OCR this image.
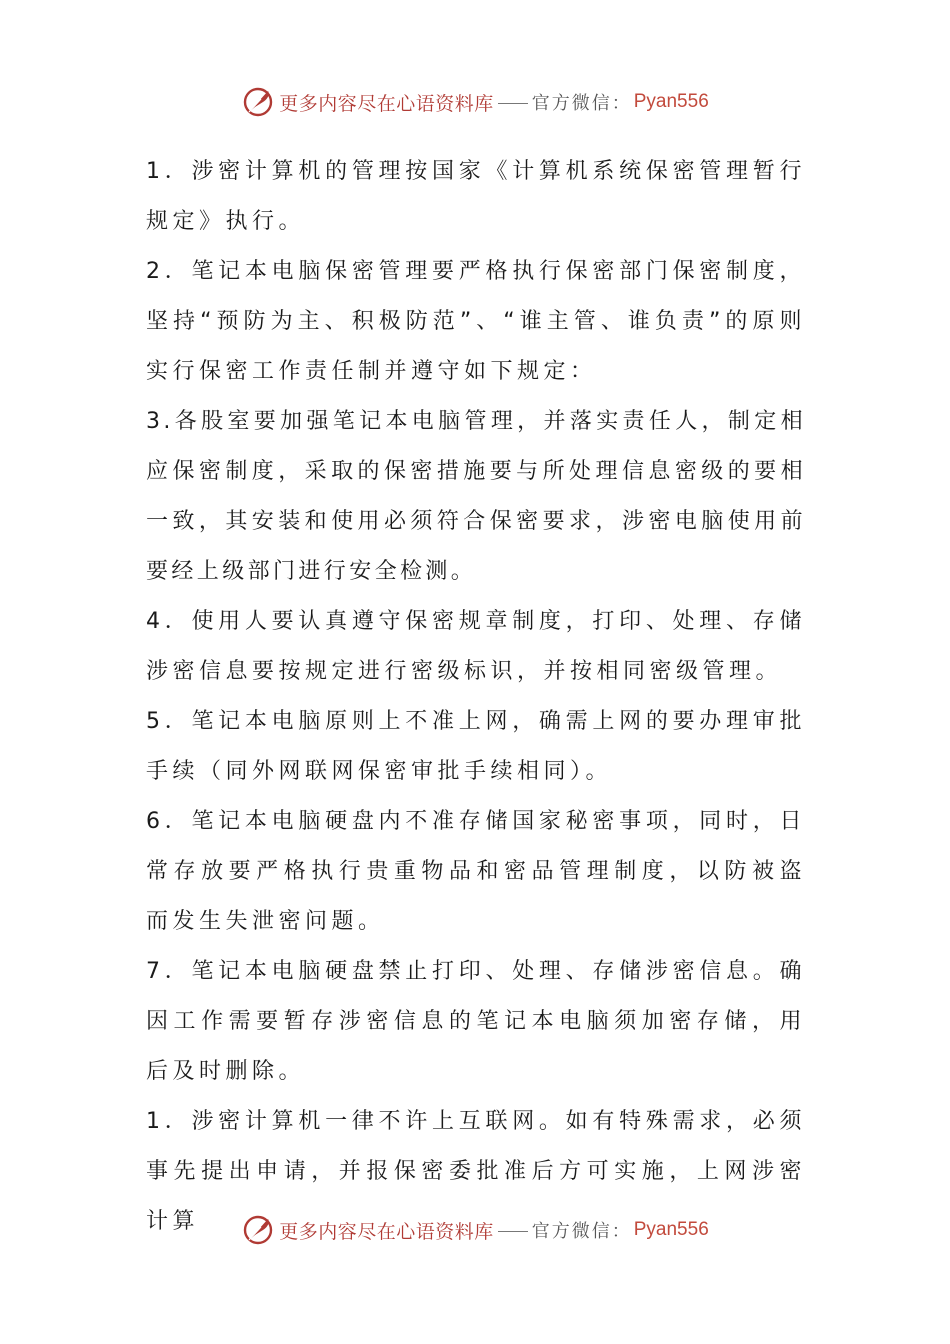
更多内容尽在心语资料库 官方微信： Pyan556

1．涉密计算机的管理按国家《计算机系统保密管理暂行规定》执行。

2．笔记本电脑保密管理要严格执行保密部门保密制度，坚持“预防为主、积极防范”、“谁主管、谁负责”的原则实行保密工作责任制并遵守如下规定：

3.各股室要加强笔记本电脑管理，并落实责任人，制定相应保密制度，采取的保密措施要与所处理信息密级的要相一致，其安装和使用必须符合保密要求，涉密电脑使用前要经上级部门进行安全检测。

4．使用人要认真遵守保密规章制度，打印、处理、存储涉密信息要按规定进行密级标识，并按相同密级管理。

5．笔记本电脑原则上不准上网，确需上网的要办理审批手续（同外网联网保密审批手续相同）。

6．笔记本电脑硬盘内不准存储国家秘密事项，同时，日常存放要严格执行贵重物品和密品管理制度，以防被盗而发生失泄密问题。

7．笔记本电脑硬盘禁止打印、处理、存储涉密信息。确因工作需要暂存涉密信息的笔记本电脑须加密存储，用后及时删除。

1．涉密计算机一律不许上互联网。如有特殊需求，必须事先提出申请，并报保密委批准后方可实施，上网涉密计算	更多内容尽在心语资料库 官方微信： Pyan556
